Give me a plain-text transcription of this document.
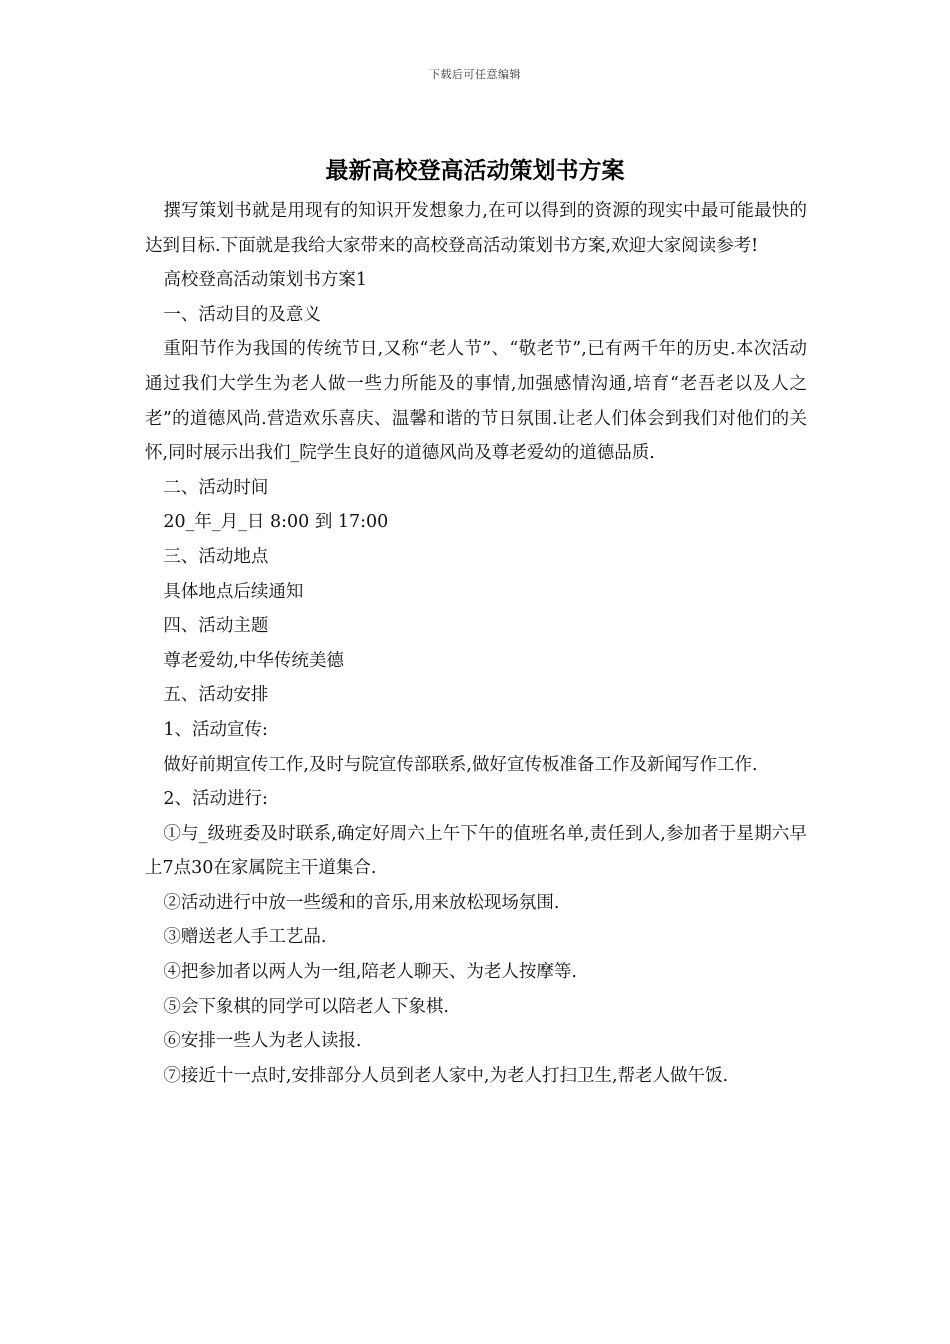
下载后可任意编辑
最新高校登高活动策划书方案

撰写策划书就是用现有的知识开发想象力,在可以得到的资源的现实中最可能最快的达到目标.下面就是我给大家带来的高校登高活动策划书方案,欢迎大家阅读参考!

高校登高活动策划书方案1

一、活动目的及意义

重阳节作为我国的传统节日,又称“老人节”、“敬老节”,已有两千年的历史.本次活动通过我们大学生为老人做一些力所能及的事情,加强感情沟通,培育“老吾老以及人之老”的道德风尚.营造欢乐喜庆、温馨和谐的节日氛围.让老人们体会到我们对他们的关怀,同时展示出我们_院学生良好的道德风尚及尊老爱幼的道德品质.

二、活动时间

20_年_月_日 8:00 到 17:00

三、活动地点

具体地点后续通知

四、活动主题

尊老爱幼,中华传统美德

五、活动安排

1、活动宣传:

做好前期宣传工作,及时与院宣传部联系,做好宣传板准备工作及新闻写作工作.

2、活动进行:

①与_级班委及时联系,确定好周六上午下午的值班名单,责任到人,参加者于星期六早上7点30在家属院主干道集合.

②活动进行中放一些缓和的音乐,用来放松现场氛围.

③赠送老人手工艺品.

④把参加者以两人为一组,陪老人聊天、为老人按摩等.

⑤会下象棋的同学可以陪老人下象棋.

⑥安排一些人为老人读报.

⑦接近十一点时,安排部分人员到老人家中,为老人打扫卫生,帮老人做午饭.
